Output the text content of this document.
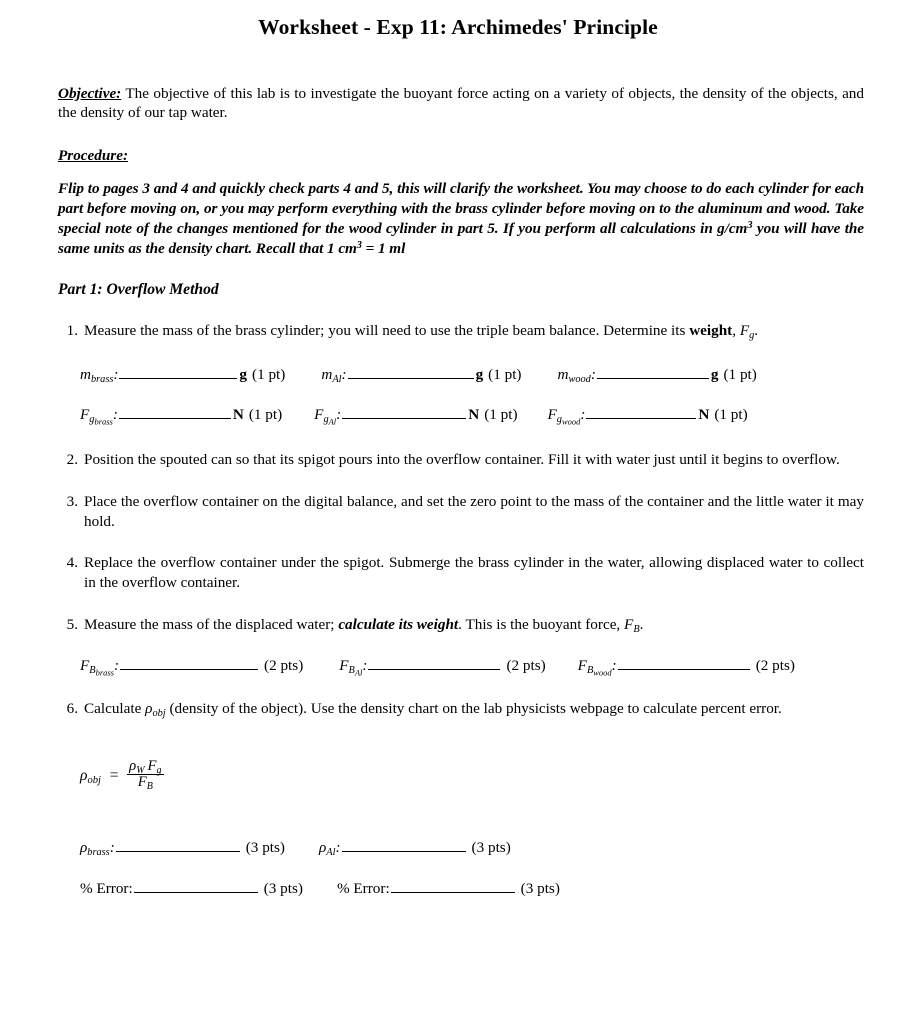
Worksheet - Exp 11: Archimedes' Principle

Objective: The objective of this lab is to investigate the buoyant force acting on a variety of objects, the density of the objects, and the density of our tap water.

Procedure:

Flip to pages 3 and 4 and quickly check parts 4 and 5, this will clarify the worksheet. You may choose to do each cylinder for each part before moving on, or you may perform everything with the brass cylinder before moving on to the aluminum and wood. Take special note of the changes mentioned for the wood cylinder in part 5. If you perform all calculations in $g/cm^3$ you will have the same units as the density chart. Recall that 1 $cm^3 = 1$ ml

Part 1: Overflow Method

1. Measure the mass of the brass cylinder; you will need to use the triple beam balance. Determine its weight, $F_g$.
$m_{brass}$:	g (1 pt) $m_{Al}$:	g (1 pt) $m_{wood}$:	g (1 pt)
$F_{g_{brass}}$:	N (1 pt) $F_{g_{Al}}$:	N (1 pt) $F_{g_{wood}}$:	N (1 pt)
2. Position the spouted can so that its spigot pours into the overflow container. Fill it with water just until it begins to overflow.
3. Place the overflow container on the digital balance, and set the zero point to the mass of the container and the little water it may hold.
4. Replace the overflow container under the spigot. Submerge the brass cylinder in the water, allowing displaced water to collect in the overflow container.
5. Measure the mass of the displaced water; calculate its weight. This is the buoyant force, $F_B$.
$F_{B_{brass}}$:	(2 pts) $F_{B_{Al}}$:	(2 pts) $F_{B_{wood}}$:	(2 pts)
6. Calculate $\rho_{obj}$ (density of the object). Use the density chart on the lab physicists webpage to calculate percent error.
$\rho_{obj} = \frac{\rho_W F_g}{F_B}$
$\rho_{brass}$:	(3 pts) $\rho_{Al}$:	(3 pts)
% Error:	(3 pts) % Error:	(3 pts)
